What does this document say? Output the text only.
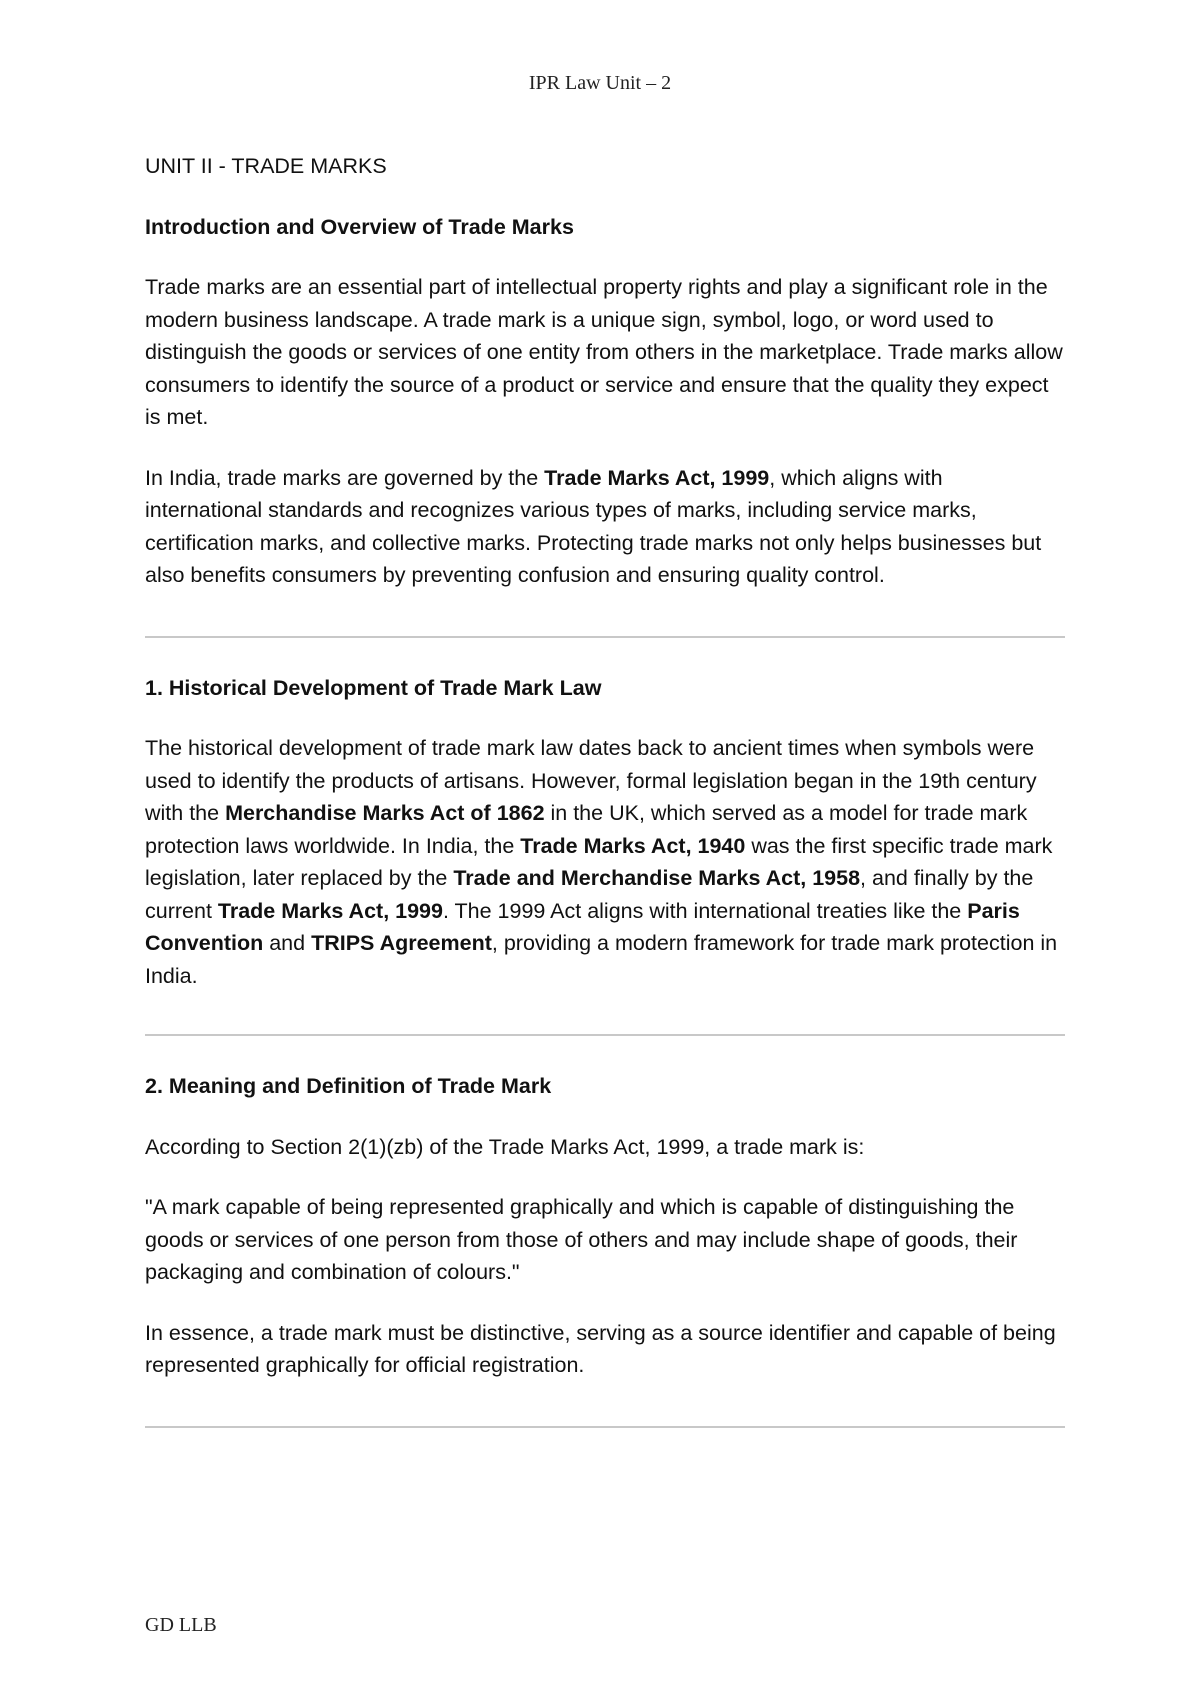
IPR Law Unit – 2

UNIT II - TRADE MARKS

Introduction and Overview of Trade Marks

Trade marks are an essential part of intellectual property rights and play a significant role in the modern business landscape. A trade mark is a unique sign, symbol, logo, or word used to distinguish the goods or services of one entity from others in the marketplace. Trade marks allow consumers to identify the source of a product or service and ensure that the quality they expect is met.

In India, trade marks are governed by the Trade Marks Act, 1999, which aligns with international standards and recognizes various types of marks, including service marks, certification marks, and collective marks. Protecting trade marks not only helps businesses but also benefits consumers by preventing confusion and ensuring quality control.

1. Historical Development of Trade Mark Law

The historical development of trade mark law dates back to ancient times when symbols were used to identify the products of artisans. However, formal legislation began in the 19th century with the Merchandise Marks Act of 1862 in the UK, which served as a model for trade mark protection laws worldwide. In India, the Trade Marks Act, 1940 was the first specific trade mark legislation, later replaced by the Trade and Merchandise Marks Act, 1958, and finally by the current Trade Marks Act, 1999. The 1999 Act aligns with international treaties like the Paris Convention and TRIPS Agreement, providing a modern framework for trade mark protection in India.

2. Meaning and Definition of Trade Mark

According to Section 2(1)(zb) of the Trade Marks Act, 1999, a trade mark is:

"A mark capable of being represented graphically and which is capable of distinguishing the goods or services of one person from those of others and may include shape of goods, their packaging and combination of colours."

In essence, a trade mark must be distinctive, serving as a source identifier and capable of being represented graphically for official registration.

GD LLB
